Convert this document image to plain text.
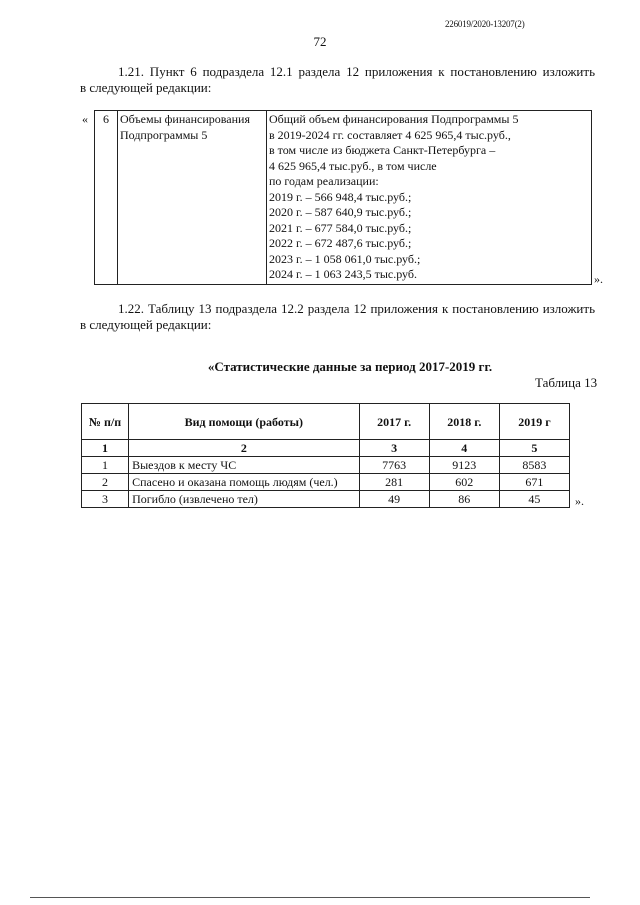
226019/2020-13207(2)
72
1.21. Пункт 6 подраздела 12.1 раздела 12 приложения к постановлению изложить
в следующей редакции:
« 6	Объемы финансирования Подпрограммы 5	
Общий объем финансирования Подпрограммы 5
в 2019-2024 гг. составляет 4 625 965,4 тыс.руб.,
в том числе из бюджета Санкт-Петербурга –
4 625 965,4 тыс.руб., в том числе
по годам реализации:
2019 г. – 566 948,4 тыс.руб.;
2020 г. – 587 640,9 тыс.руб.;
2021 г. – 677 584,0 тыс.руб.;
2022 г. – 672 487,6 тыс.руб.;
2023 г. – 1 058 061,0 тыс.руб.;
2024 г. – 1 063 243,5 тыс.руб.	».
1.22. Таблицу 13 подраздела 12.2 раздела 12 приложения к постановлению изложить
в следующей редакции:
«Статистические данные за период 2017-2019 гг.
Таблица 13
№ п/п	Вид помощи (работы)	2017 г.	2018 г.	2019 г
1	2	3	4	5
1	Выездов к месту ЧС	7763	9123	8583
2	Спасено и оказана помощь людям (чел.)	281	602	671
3	Погибло (извлечено тел)	49	86	45	».
